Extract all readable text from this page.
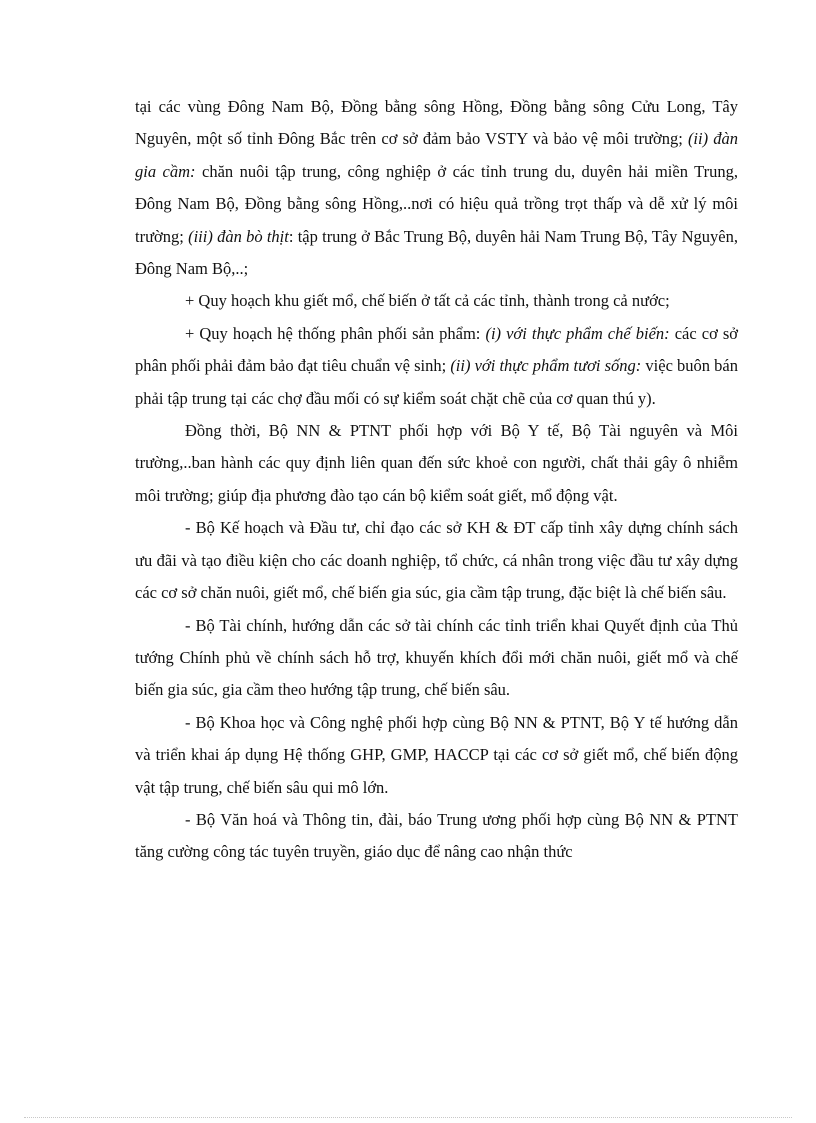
tại các vùng Đông Nam Bộ, Đồng bằng sông Hồng, Đồng bằng sông Cửu Long, Tây Nguyên, một số tỉnh Đông Bắc trên cơ sở đảm bảo VSTY và bảo vệ môi trường; (ii) đàn gia cầm: chăn nuôi tập trung, công nghiệp ở các tỉnh trung du, duyên hải miền Trung, Đông Nam Bộ, Đồng bằng sông Hồng,..nơi có hiệu quả trồng trọt thấp và dễ xử lý môi trường; (iii) đàn bò thịt: tập trung ở Bắc Trung Bộ, duyên hải Nam Trung Bộ, Tây Nguyên, Đông Nam Bộ,..;

+ Quy hoạch khu giết mổ, chế biến ở tất cả các tỉnh, thành trong cả nước;

+ Quy hoạch hệ thống phân phối sản phẩm: (i) với thực phẩm chế biến: các cơ sở phân phối phải đảm bảo đạt tiêu chuẩn vệ sinh; (ii) với thực phẩm tươi sống: việc buôn bán phải tập trung tại các chợ đầu mối có sự kiểm soát chặt chẽ của cơ quan thú y).

Đồng thời, Bộ NN & PTNT phối hợp với Bộ Y tế, Bộ Tài nguyên và Môi trường,..ban hành các quy định liên quan đến sức khoẻ con người, chất thải gây ô nhiễm môi trường; giúp địa phương đào tạo cán bộ kiểm soát giết, mổ động vật.

- Bộ Kế hoạch và Đầu tư, chỉ đạo các sở KH & ĐT cấp tỉnh xây dựng chính sách ưu đãi và tạo điều kiện cho các doanh nghiệp, tổ chức, cá nhân trong việc đầu tư xây dựng các cơ sở chăn nuôi, giết mổ, chế biến gia súc, gia cầm tập trung, đặc biệt là chế biến sâu.

- Bộ Tài chính, hướng dẫn các sở tài chính các tỉnh triển khai Quyết định của Thủ tướng Chính phủ về chính sách hỗ trợ, khuyến khích đổi mới chăn nuôi, giết mổ và chế biến gia súc, gia cầm theo hướng tập trung, chế biến sâu.

- Bộ Khoa học và Công nghệ phối hợp cùng Bộ NN & PTNT, Bộ Y tế hướng dẫn và triển khai áp dụng Hệ thống GHP, GMP, HACCP tại các cơ sở giết mổ, chế biến động vật tập trung, chế biến sâu qui mô lớn.

- Bộ Văn hoá và Thông tin, đài, báo Trung ương phối hợp cùng Bộ NN & PTNT tăng cường công tác tuyên truyền, giáo dục để nâng cao nhận thức
